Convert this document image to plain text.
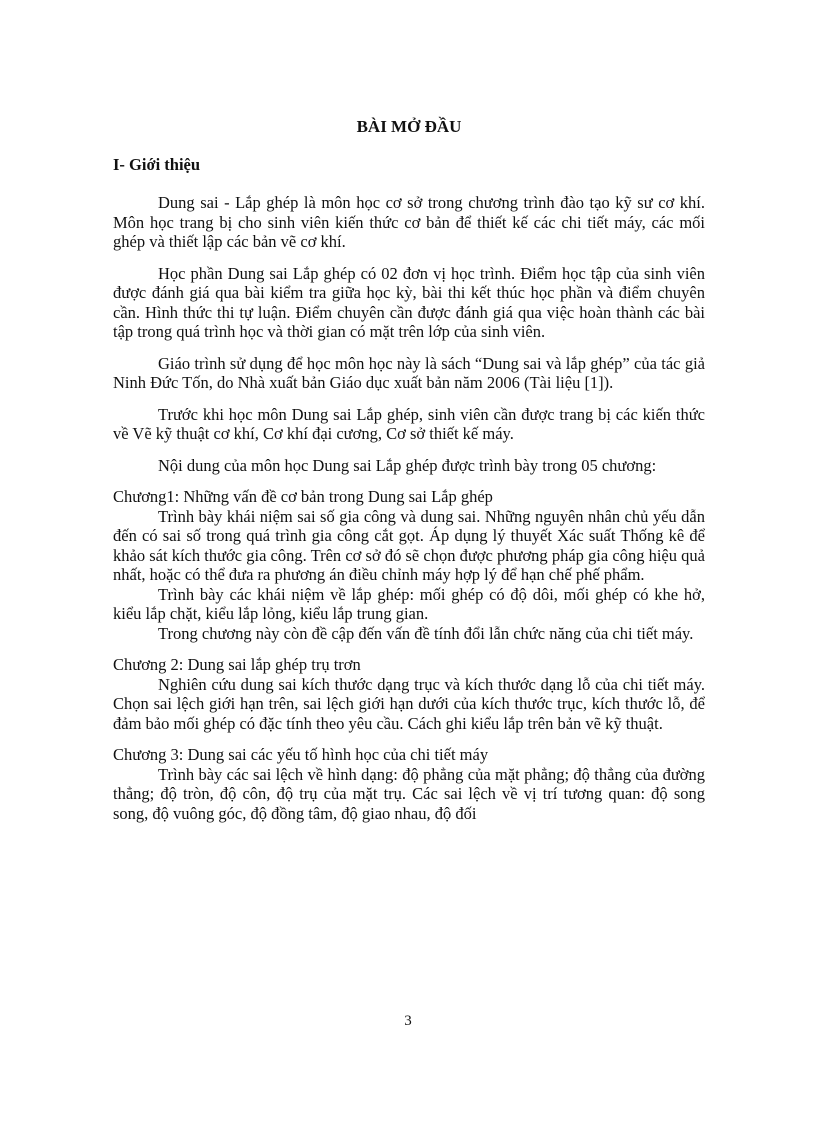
BÀI MỞ ĐẦU
I- Giới thiệu

Dung sai - Lắp ghép là môn học cơ sở trong chương trình đào tạo kỹ sư cơ khí. Môn học trang bị cho sinh viên kiến thức cơ bản để thiết kế các chi tiết máy, các mối ghép và thiết lập các bản vẽ cơ khí.

Học phần Dung sai Lắp ghép có 02 đơn vị học trình. Điểm học tập của sinh viên được đánh giá qua bài kiểm tra giữa học kỳ, bài thi kết thúc học phần và điểm chuyên cần. Hình thức thi tự luận. Điểm chuyên cần được đánh giá qua việc hoàn thành các bài tập trong quá trình học và thời gian có mặt trên lớp của sinh viên.

Giáo trình sử dụng để học môn học này là sách “Dung sai và lắp ghép” của tác giả Ninh Đức Tốn, do Nhà xuất bản Giáo dục xuất bản năm 2006 (Tài liệu [1]).

Trước khi học môn Dung sai Lắp ghép, sinh viên cần được trang bị các kiến thức về Vẽ kỹ thuật cơ khí, Cơ khí đại cương, Cơ sở thiết kế máy.

Nội dung của môn học Dung sai Lắp ghép được trình bày trong 05 chương:

Chương1: Những vấn đề cơ bản trong Dung sai Lắp ghép

Trình bày khái niệm sai số gia công và dung sai. Những nguyên nhân chủ yếu dẫn đến có sai số trong quá trình gia công cắt gọt. Áp dụng lý thuyết Xác suất Thống kê để khảo sát kích thước gia công. Trên cơ sở đó sẽ chọn được phương pháp gia công hiệu quả nhất, hoặc có thể đưa ra phương án điều chỉnh máy hợp lý để hạn chế phế phẩm.

Trình bày các khái niệm về lắp ghép: mối ghép có độ dôi, mối ghép có khe hở, kiểu lắp chặt, kiểu lắp lỏng, kiểu lắp trung gian.

Trong chương này còn đề cập đến vấn đề tính đổi lẫn chức năng của chi tiết máy.

Chương 2: Dung sai lắp ghép trụ trơn

Nghiên cứu dung sai kích thước dạng trục và kích thước dạng lỗ của chi tiết máy. Chọn sai lệch giới hạn trên, sai lệch giới hạn dưới của kích thước trục, kích thước lỗ, để đảm bảo mối ghép có đặc tính theo yêu cầu. Cách ghi kiểu lắp trên bản vẽ kỹ thuật.

Chương 3: Dung sai các yếu tố hình học của chi tiết máy

Trình bày các sai lệch về hình dạng: độ phẳng của mặt phẳng; độ thẳng của đường thẳng; độ tròn, độ côn, độ trụ của mặt trụ. Các sai lệch về vị trí tương quan: độ song song, độ vuông góc, độ đồng tâm, độ giao nhau, độ đối

3
